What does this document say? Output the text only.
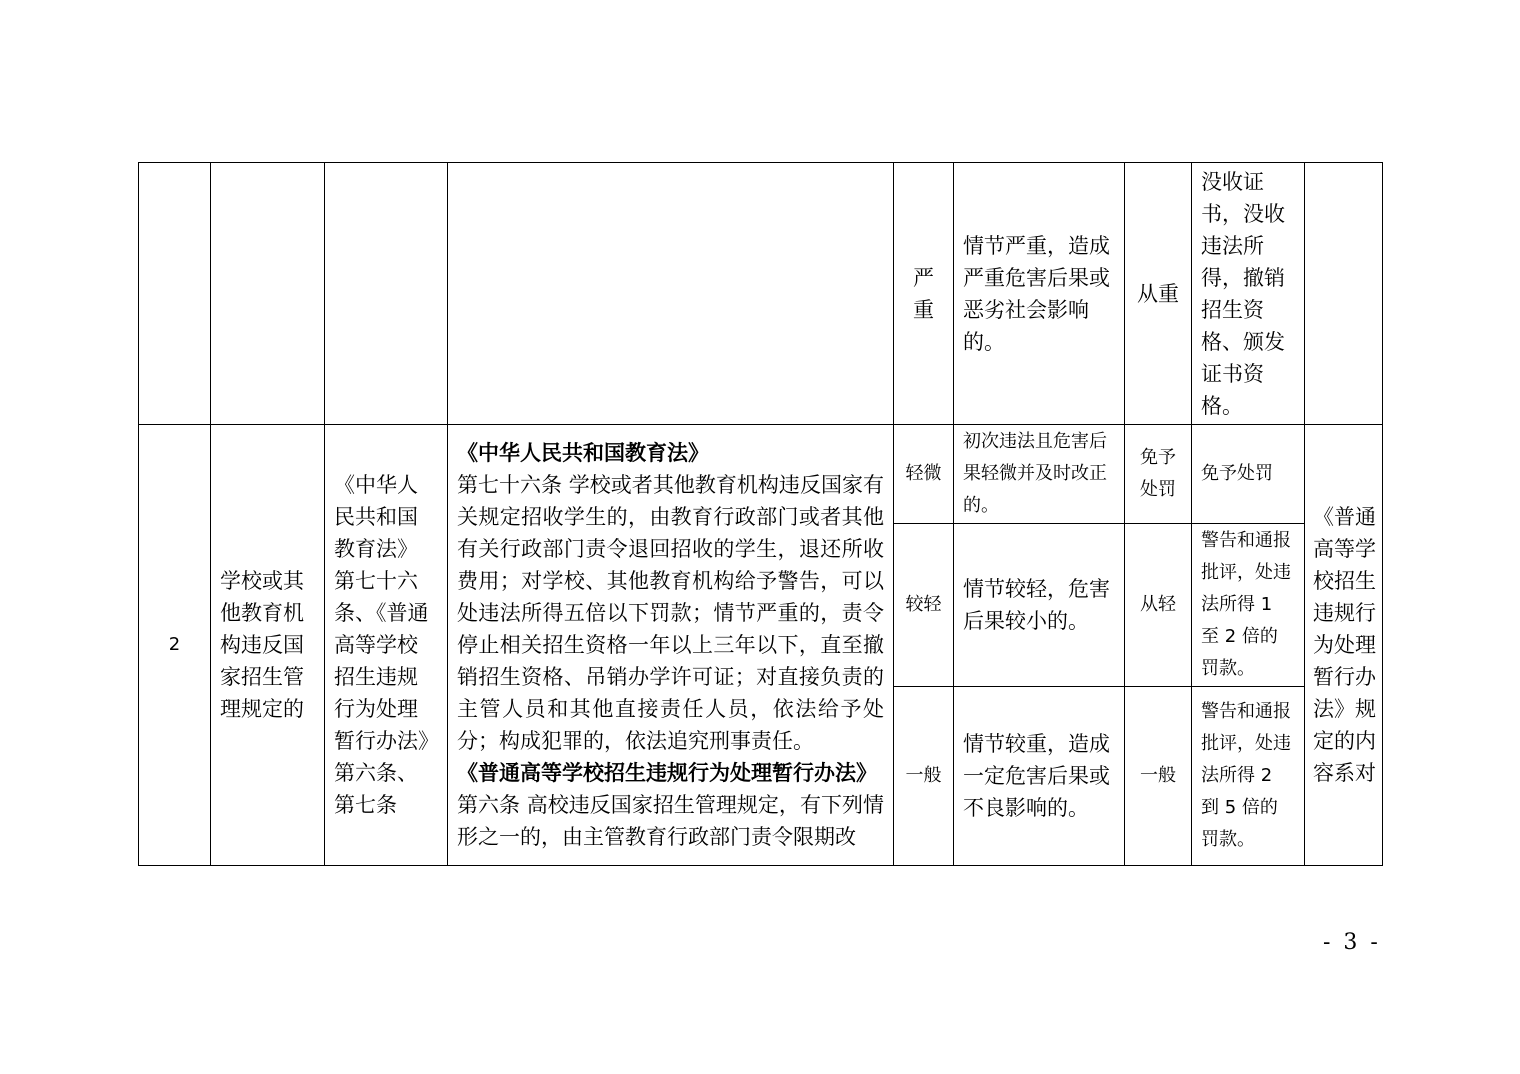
				严重	情节严重，造成严重危害后果或恶劣社会影响的。	从重	没收证书，没收违法所得，撤销招生资格、颁发证书资格。	
2	学校或其他教育机构违反国家招生管理规定的	《中华人民共和国教育法》第七十六条、《普通高等学校招生违规行为处理暂行办法》第六条、第七条	《中华人民共和国教育法》
第七十六条 学校或者其他教育机构违反国家有关规定招收学生的，由教育行政部门或者其他有关行政部门责令退回招收的学生，退还所收费用；对学校、其他教育机构给予警告，可以处违法所得五倍以下罚款；情节严重的，责令停止相关招生资格一年以上三年以下，直至撤销招生资格、吊销办学许可证；对直接负责的主管人员和其他直接责任人员，依法给予处分；构成犯罪的，依法追究刑事责任。
《普通高等学校招生违规行为处理暂行办法》
第六条 高校违反国家招生管理规定，有下列情形之一的，由主管教育行政部门责令限期改	轻微	初次违法且危害后果轻微并及时改正的。	免予处罚	免予处罚	《普通高等学校招生违规行为处理暂行办法》规定的内容系对
				较轻	情节较轻，危害后果较小的。	从轻	警告和通报批评，处违法所得 1 至 2 倍的罚款。	
				一般	情节较重，造成一定危害后果或不良影响的。	一般	警告和通报批评，处违法所得 2 到 5 倍的罚款。	
- 3 -
